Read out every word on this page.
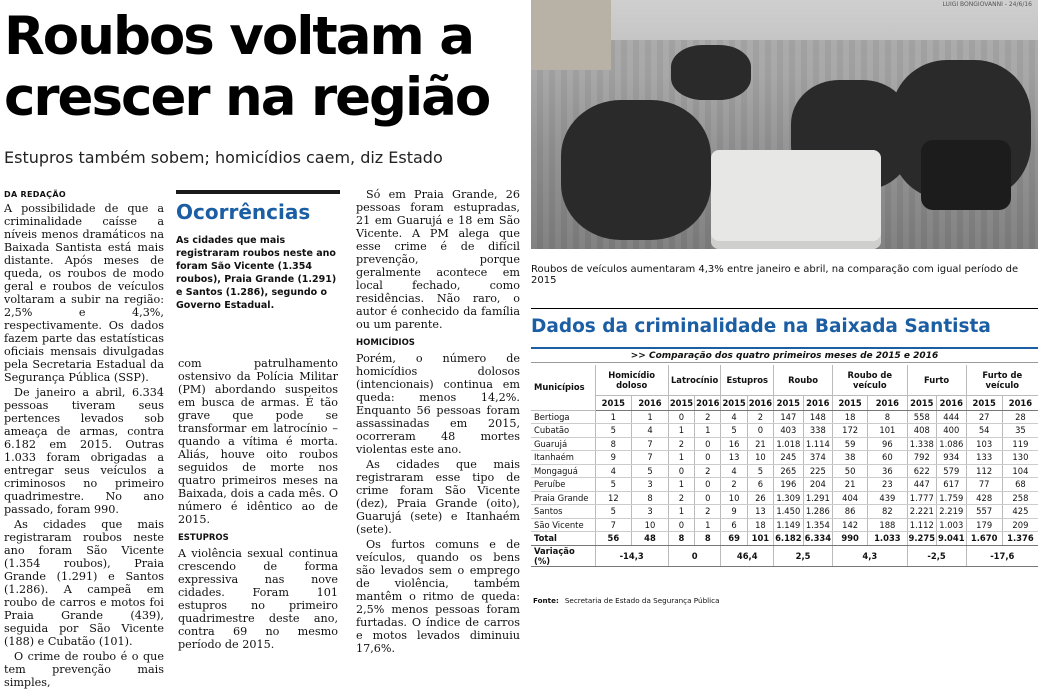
Roubos voltam a
crescer na região
Estupros também sobem; homicídios caem, diz Estado
DA REDAÇÃO

A possibilidade de que a criminalidade caísse a níveis menos dramáticos na Baixada Santista está mais distante. Após meses de queda, os roubos de modo geral e roubos de veículos voltaram a subir na região: 2,5% e 4,3%, respectivamente. Os dados fazem parte das estatísticas oficiais mensais divulgadas pela Secretaria Estadual da Segurança Pública (SSP).

De janeiro a abril, 6.334 pessoas tiveram seus pertences levados sob ameaça de armas, contra 6.182 em 2015. Outras 1.033 foram obrigadas a entregar seus veículos a criminosos no primeiro quadrimestre. No ano passado, foram 990.

As cidades que mais registraram roubos neste ano foram São Vicente (1.354 roubos), Praia Grande (1.291) e Santos (1.286). A campeã em roubo de carros e motos foi Praia Grande (439), seguida por São Vicente (188) e Cubatão (101).

O crime de roubo é o que tem prevenção mais simples,

Ocorrências
As cidades que mais registraram roubos neste ano foram São Vicente (1.354 roubos), Praia Grande (1.291) e Santos (1.286), segundo o Governo Estadual.

com patrulhamento ostensivo da Polícia Militar (PM) abordando suspeitos em busca de armas. É tão grave que pode se transformar em latrocínio – quando a vítima é morta. Aliás, houve oito roubos seguidos de morte nos quatro primeiros meses na Baixada, dois a cada mês. O número é idêntico ao de 2015.

ESTUPROS

A violência sexual continua crescendo de forma expressiva nas nove cidades. Foram 101 estupros no primeiro quadrimestre deste ano, contra 69 no mesmo período de 2015.

Só em Praia Grande, 26 pessoas foram estupradas, 21 em Guarujá e 18 em São Vicente. A PM alega que esse crime é de difícil prevenção, porque geralmente acontece em local fechado, como residências. Não raro, o autor é conhecido da família ou um parente.

HOMICÍDIOS

Porém, o número de homicídios dolosos (intencionais) continua em queda: menos 14,2%. Enquanto 56 pessoas foram assassinadas em 2015, ocorreram 48 mortes violentas este ano.

As cidades que mais registraram esse tipo de crime foram São Vicente (dez), Praia Grande (oito), Guarujá (sete) e Itanhaém (sete).

Os furtos comuns e de veículos, quando os bens são levados sem o emprego de violência, também mantêm o ritmo de queda: 2,5% menos pessoas foram furtadas. O índice de carros e motos levados diminuiu 17,6%.

LUIGI BONGIOVANNI - 24/6/16
Roubos de veículos aumentaram 4,3% entre janeiro e abril, na comparação com igual período de 2015
Dados da criminalidade na Baixada Santista
>> Comparação dos quatro primeiros meses de 2015 e 2016
Municípios	Homicídio doloso		Latrocínio		Estupros		Roubo		Roubo de veículo		Furto		Furto de veículo	
	2015	2016	2015	2016	2015	2016	2015	2016	2015	2016	2015	2016	2015	2016
Bertioga	1	1	0	2	4	2	147	148	18	8	558	444	27	28
Cubatão	5	4	1	1	5	0	403	338	172	101	408	400	54	35
Guarujá	8	7	2	0	16	21	1.018	1.114	59	96	1.338	1.086	103	119
Itanhaém	9	7	1	0	13	10	245	374	38	60	792	934	133	130
Mongaguá	4	5	0	2	4	5	265	225	50	36	622	579	112	104
Peruíbe	5	3	1	0	2	6	196	204	21	23	447	617	77	68
Praia Grande	12	8	2	0	10	26	1.309	1.291	404	439	1.777	1.759	428	258
Santos	5	3	1	2	9	13	1.450	1.286	86	82	2.221	2.219	557	425
São Vicente	7	10	0	1	6	18	1.149	1.354	142	188	1.112	1.003	179	209
Total	56	48	8	8	69	101	6.182	6.334	990	1.033	9.275	9.041	1.670	1.376
Variação (%)	-14,3		0		46,4		2,5		4,3		-2,5		-17,6	
Fonte: Secretaria de Estado da Segurança Pública
